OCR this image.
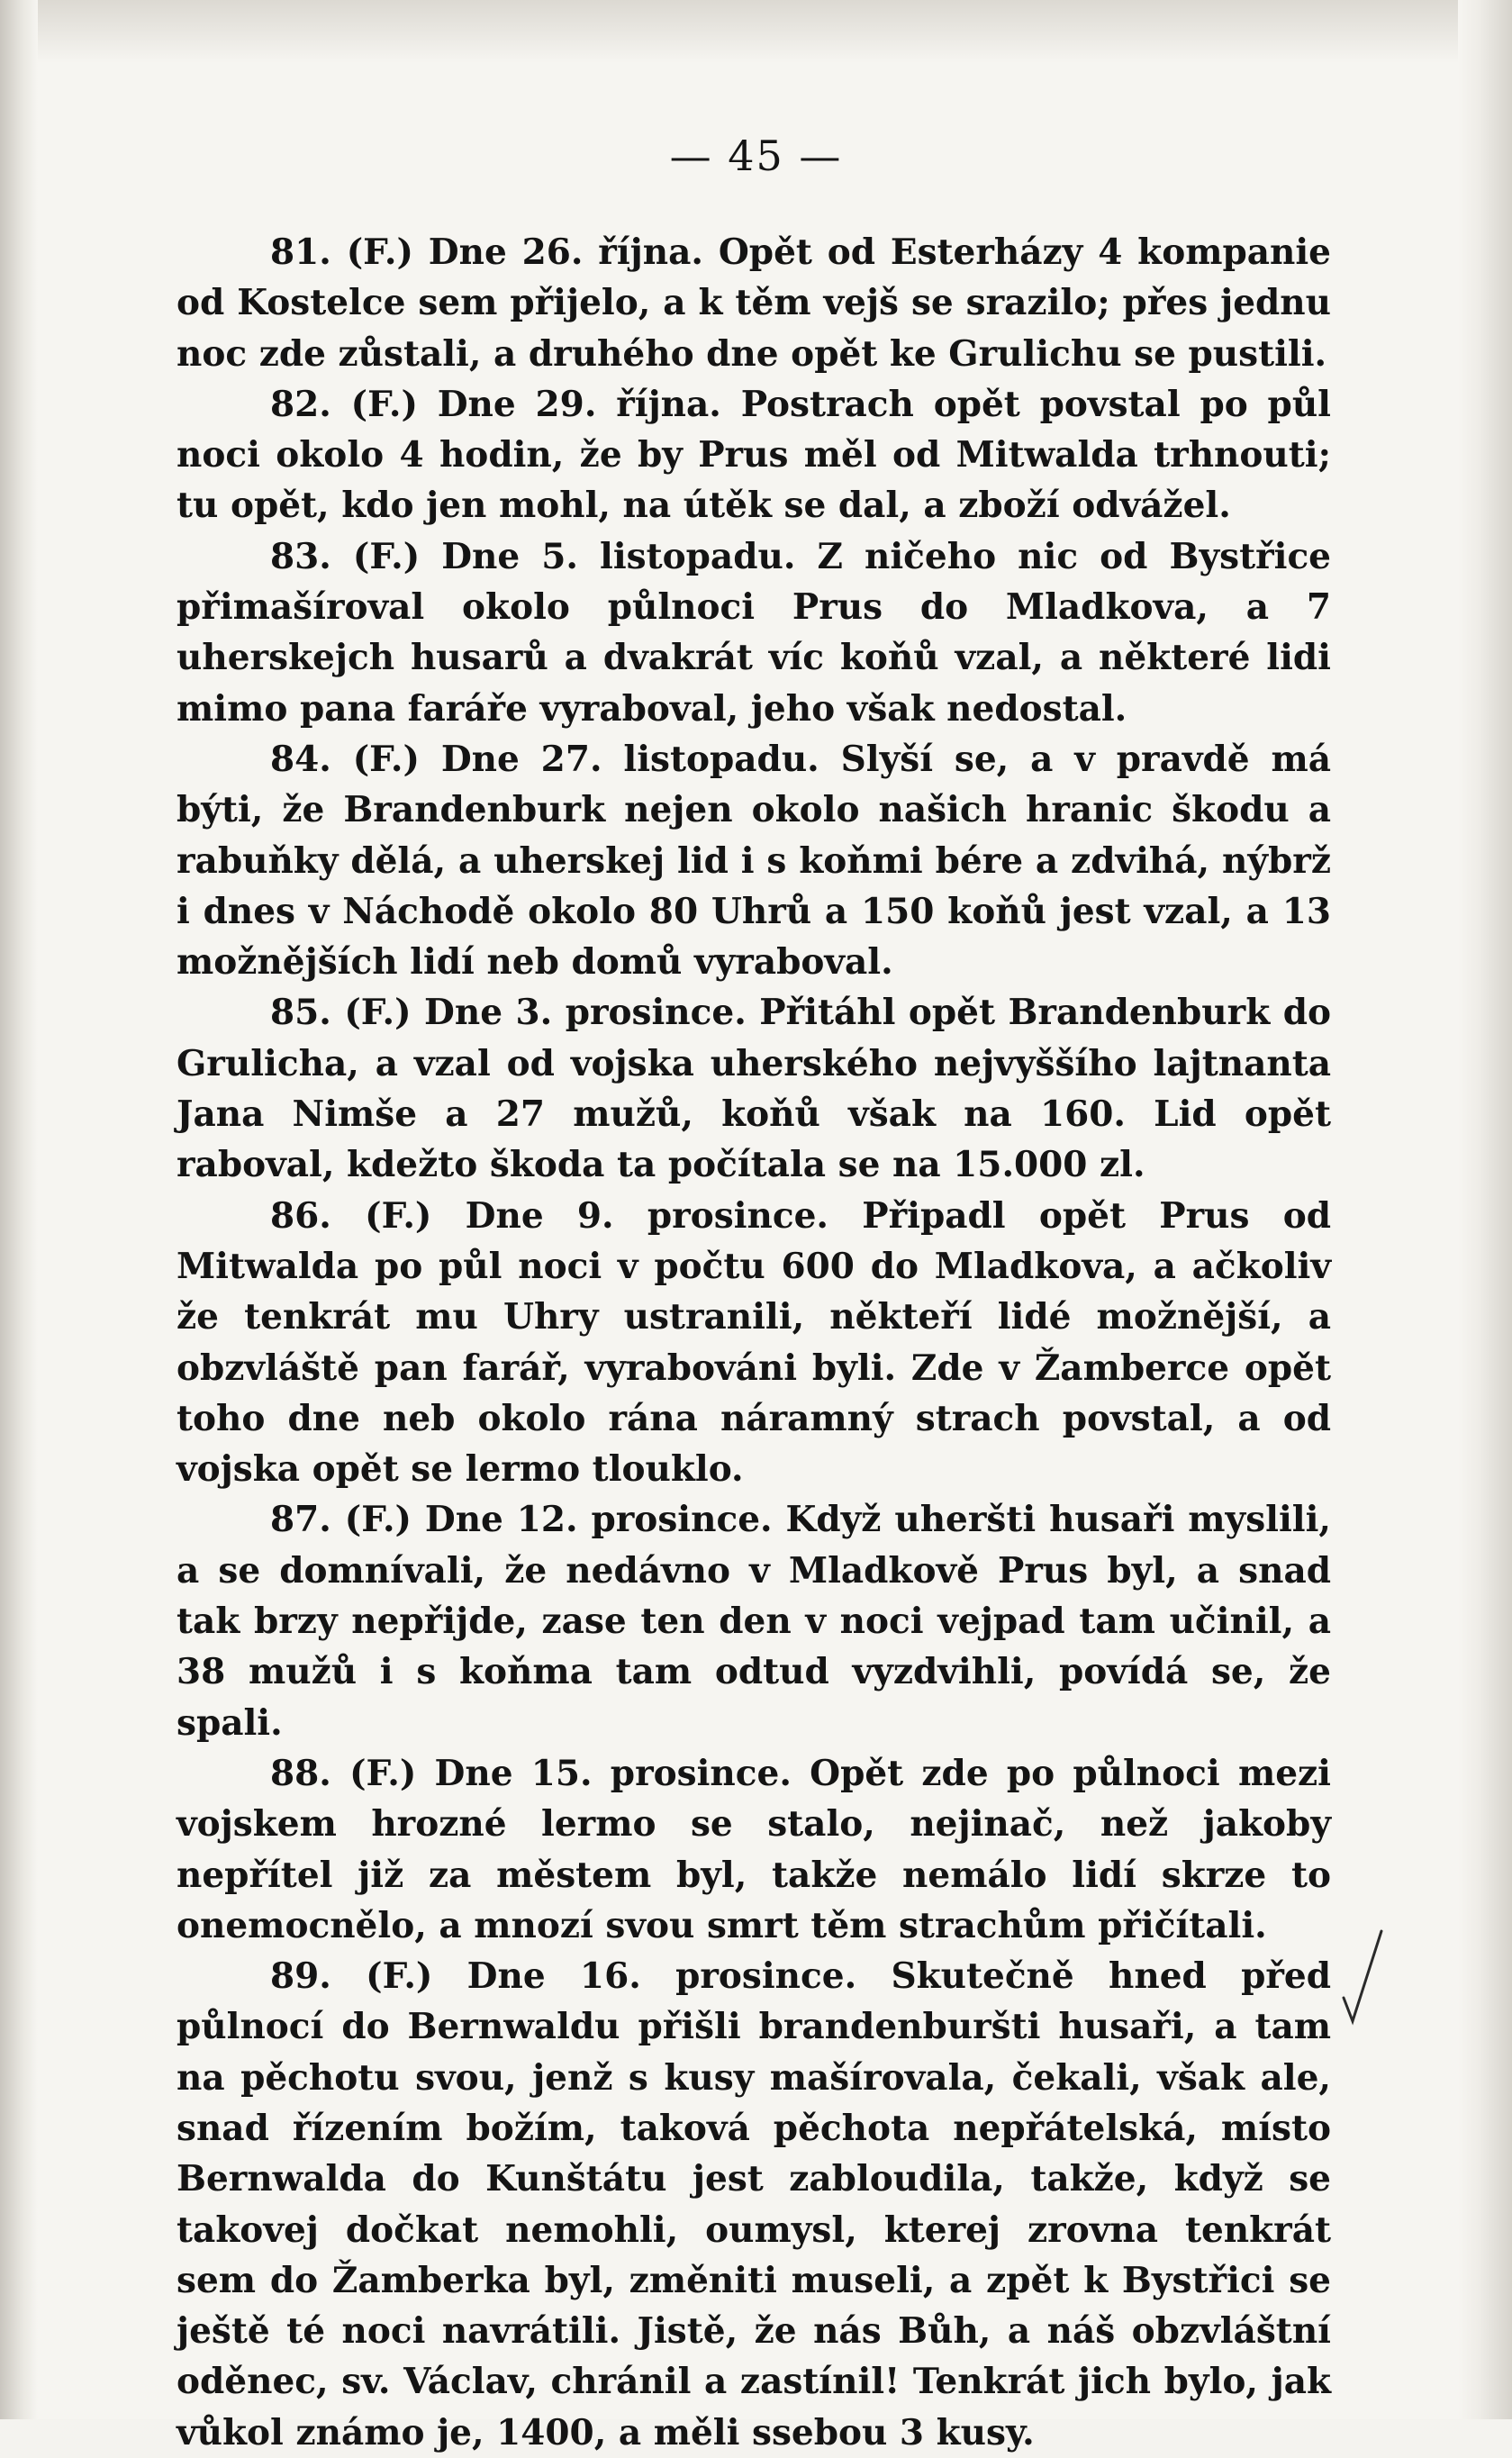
— 45 —

81. (F.) Dne 26. října. Opět od Esterházy 4 kompanie od Kostelce sem přijelo, a k těm vejš se srazilo; přes jednu noc zde zůstali, a druhého dne opět ke Grulichu se pustili.

82. (F.) Dne 29. října. Postrach opět povstal po půl noci okolo 4 hodin, že by Prus měl od Mitwalda trhnouti; tu opět, kdo jen mohl, na útěk se dal, a zboží odvážel.

83. (F.) Dne 5. listopadu. Z ničeho nic od Bystřice přimašíroval okolo půlnoci Prus do Mladkova, a 7 uherskejch husarů a dvakrát víc koňů vzal, a některé lidi mimo pana faráře vyraboval, jeho však nedostal.

84. (F.) Dne 27. listopadu. Slyší se, a v pravdě má býti, že Brandenburk nejen okolo našich hranic škodu a rabuňky dělá, a uherskej lid i s koňmi bére a zdvihá, nýbrž i dnes v Náchodě okolo 80 Uhrů a 150 koňů jest vzal, a 13 možnějších lidí neb domů vyraboval.

85. (F.) Dne 3. prosince. Přitáhl opět Brandenburk do Grulicha, a vzal od vojska uherského nejvyššího lajtnanta Jana Nimše a 27 mužů, koňů však na 160. Lid opět raboval, kdežto škoda ta počítala se na 15.000 zl.

86. (F.) Dne 9. prosince. Připadl opět Prus od Mitwalda po půl noci v počtu 600 do Mladkova, a ačkoliv že tenkrát mu Uhry ustranili, někteří lidé možnější, a obzvláště pan farář, vyrabováni byli. Zde v Žamberce opět toho dne neb okolo rána náramný strach povstal, a od vojska opět se lermo tlouklo.

87. (F.) Dne 12. prosince. Když uheršti husaři myslili, a se domnívali, že nedávno v Mladkově Prus byl, a snad tak brzy nepřijde, zase ten den v noci vejpad tam učinil, a 38 mužů i s koňma tam odtud vyzdvihli, povídá se, že spali.

88. (F.) Dne 15. prosince. Opět zde po půlnoci mezi vojskem hrozné lermo se stalo, nejinač, než jakoby nepřítel již za městem byl, takže nemálo lidí skrze to onemocnělo, a mnozí svou smrt těm strachům přičítali.

89. (F.) Dne 16. prosince. Skutečně hned před půlnocí do Bernwaldu přišli brandenburšti husaři, a tam na pěchotu svou, jenž s kusy mašírovala, čekali, však ale, snad řízením božím, taková pěchota nepřátelská, místo Bernwalda do Kunštátu jest zabloudila, takže, když se takovej dočkat nemohli, oumysl, kterej zrovna tenkrát sem do Žamberka byl, změniti museli, a zpět k Bystřici se ještě té noci navrátili. Jistě, že nás Bůh, a náš obzvláštní oděnec, sv. Václav, chránil a zastínil! Tenkrát jich bylo, jak vůkol známo je, 1400, a měli ssebou 3 kusy.
